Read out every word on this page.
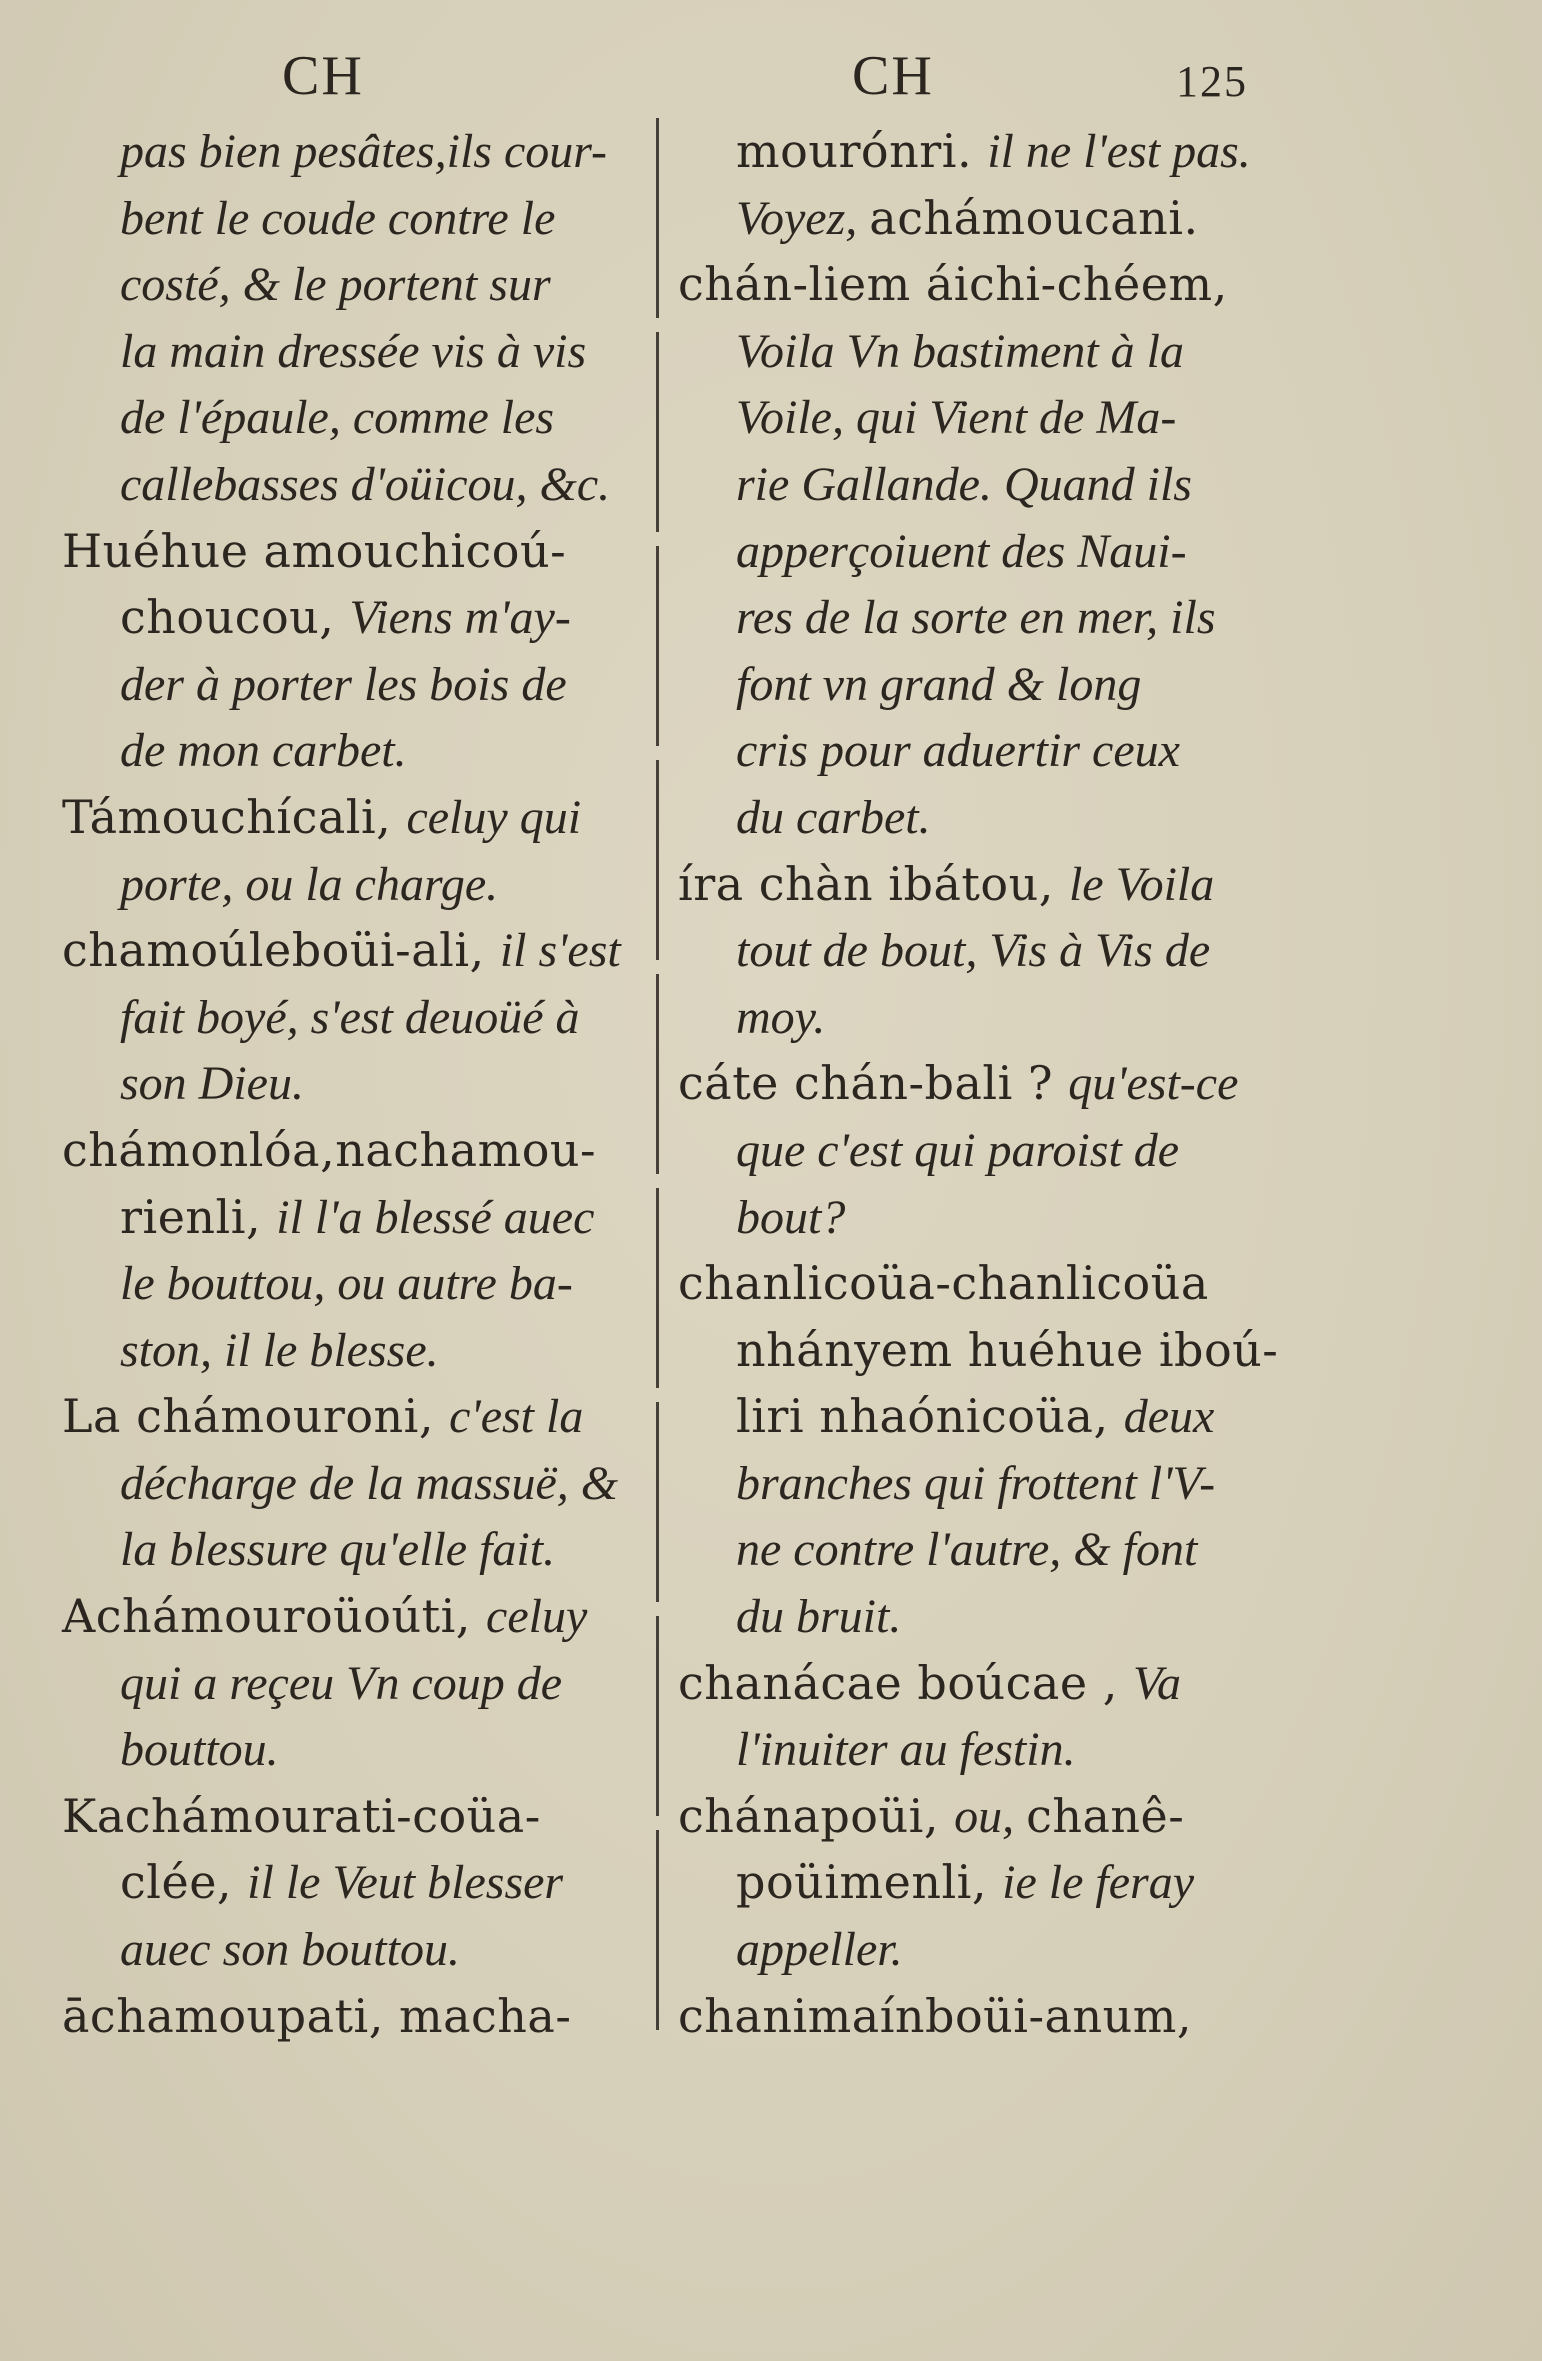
CH	CH	125
pas bien pesâtes,ils cour-
bent le coude contre le
costé, & le portent sur
la main dressée vis à vis
de l'épaule, comme les
callebasses d'oüicou, &c.
Huéhue amouchicoú-
choucou, Viens m'ay-
der à porter les bois de
de mon carbet.
Támouchícali, celuy qui
porte, ou la charge.
chamoúleboüi-ali, il s'est
fait boyé, s'est deuoüé à
son Dieu.
chámonlóa,nachamou-
rienli, il l'a blessé auec
le bouttou, ou autre ba-
ston, il le blesse.
La chámouroni, c'est la
décharge de la massuë, &
la blessure qu'elle fait.
Achámouroüoúti, celuy
qui a reçeu Vn coup de
bouttou.
Kachámourati-coüa-
clée, il le Veut blesser
auec son bouttou.
āchamoupati, macha-
mourónri. il ne l'est pas.
Voyez, achámoucani.
chán-liem áichi-chéem,
Voila Vn bastiment à la
Voile, qui Vient de Ma-
rie Gallande. Quand ils
apperçoiuent des Naui-
res de la sorte en mer, ils
font vn grand & long
cris pour aduertir ceux
du carbet.
íra chàn ibátou, le Voila
tout de bout, Vis à Vis de
moy.
cáte chán-bali ? qu'est-ce
que c'est qui paroist de
bout?
chanlicoüa-chanlicoüa
nhányem huéhue iboú-
liri nhaónicoüa, deux
branches qui frottent l'V-
ne contre l'autre, & font
du bruit.
chanácae boúcae , Va
l'inuiter au festin.
chánapoüi, ou, chanê-
poüimenli, ie le feray
appeller.
chanimaínboüi-anum,
